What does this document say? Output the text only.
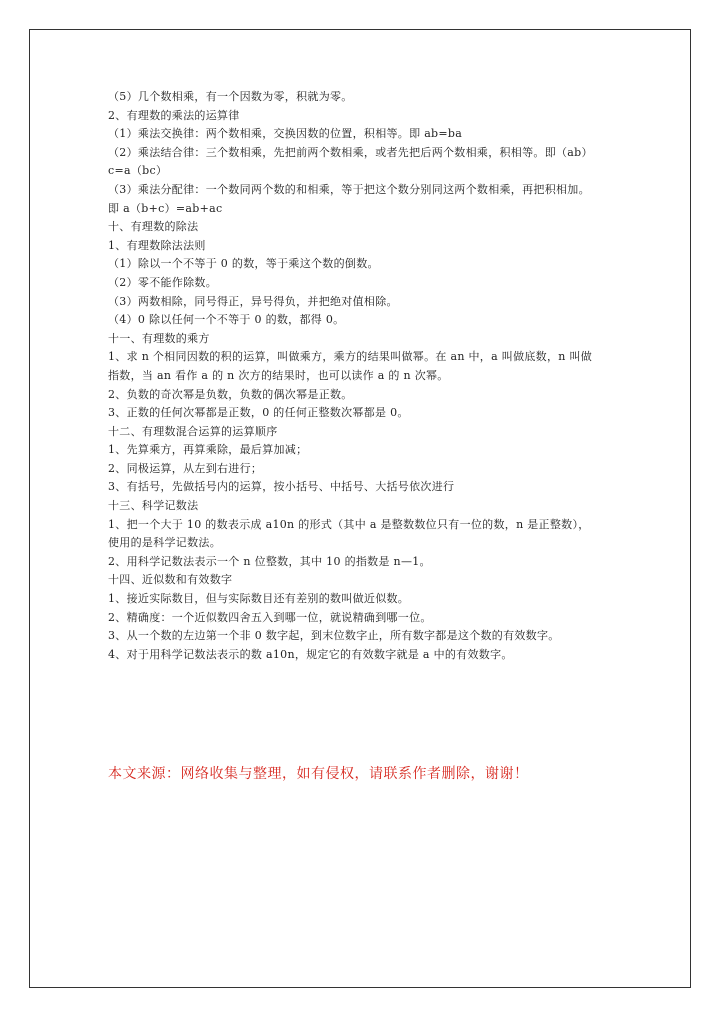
（5）几个数相乘，有一个因数为零，积就为零。
2、有理数的乘法的运算律
（1）乘法交换律：两个数相乘，交换因数的位置，积相等。即 ab=ba
（2）乘法结合律：三个数相乘，先把前两个数相乘，或者先把后两个数相乘，积相等。即（ab）
c=a（bc）
（3）乘法分配律：一个数同两个数的和相乘，等于把这个数分别同这两个数相乘，再把积相加。
即 a（b+c）=ab+ac
十、有理数的除法
1、有理数除法法则
（1）除以一个不等于 0 的数，等于乘这个数的倒数。
（2）零不能作除数。
（3）两数相除，同号得正，异号得负，并把绝对值相除。
（4）0 除以任何一个不等于 0 的数，都得 0。
十一、有理数的乘方
1、求 n 个相同因数的积的运算，叫做乘方，乘方的结果叫做幂。在 an 中，a 叫做底数，n 叫做
指数，当 an 看作 a 的 n 次方的结果时，也可以读作 a 的 n 次幂。
2、负数的奇次幂是负数，负数的偶次幂是正数。
3、正数的任何次幂都是正数，0 的任何正整数次幂都是 0。
十二、有理数混合运算的运算顺序
1、先算乘方，再算乘除，最后算加减；
2、同极运算，从左到右进行；
3、有括号，先做括号内的运算，按小括号、中括号、大括号依次进行
十三、科学记数法
1、把一个大于 10 的数表示成 a10n 的形式（其中 a 是整数数位只有一位的数，n 是正整数），
使用的是科学记数法。
2、用科学记数法表示一个 n 位整数，其中 10 的指数是 n—1。
十四、近似数和有效数字
1、接近实际数目，但与实际数目还有差别的数叫做近似数。
2、精确度：一个近似数四舍五入到哪一位，就说精确到哪一位。
3、从一个数的左边第一个非 0 数字起，到末位数字止，所有数字都是这个数的有效数字。
4、对于用科学记数法表示的数 a10n，规定它的有效数字就是 a 中的有效数字。
本文来源：网络收集与整理，如有侵权，请联系作者删除，谢谢！
